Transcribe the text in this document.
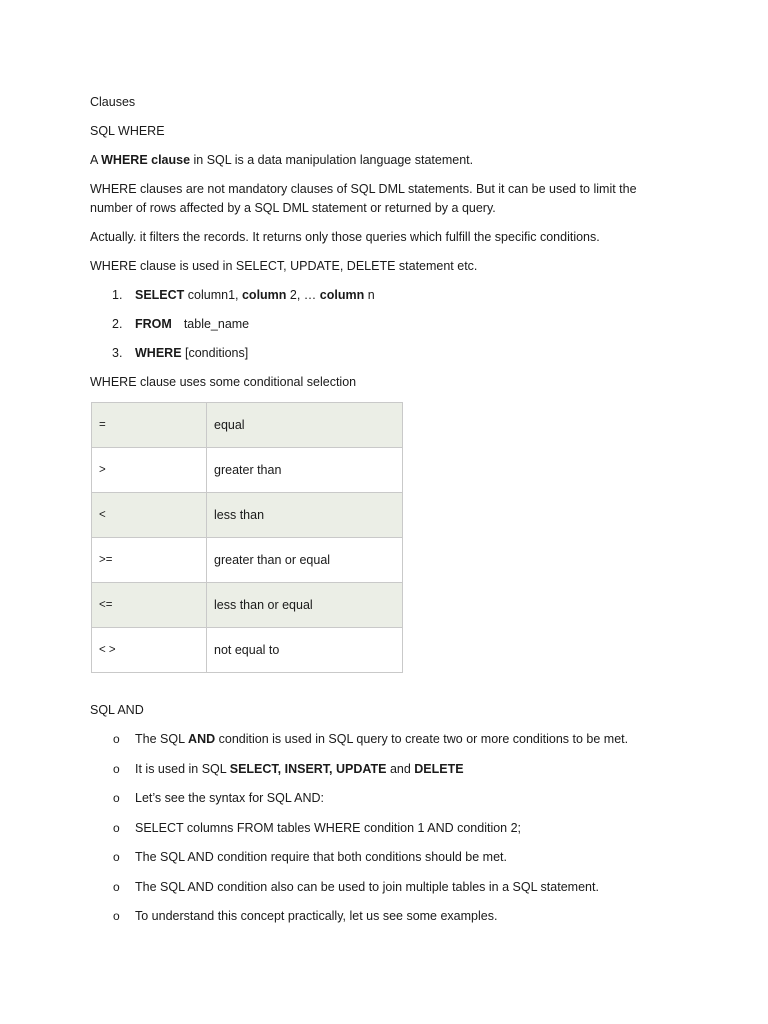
Clauses

SQL WHERE

A WHERE clause in SQL is a data manipulation language statement.

WHERE clauses are not mandatory clauses of SQL DML statements. But it can be used to limit the number of rows affected by a SQL DML statement or returned by a query.

Actually. it filters the records. It returns only those queries which fulfill the specific conditions.

WHERE clause is used in SELECT, UPDATE, DELETE statement etc.

1. SELECT column1, column 2, … column n
2. FROM table_name
3. WHERE [conditions]

WHERE clause uses some conditional selection

=	equal
>	greater than
<	less than
>=	greater than or equal
<=	less than or equal
< >	not equal to

SQL AND

o The SQL AND condition is used in SQL query to create two or more conditions to be met.
o It is used in SQL SELECT, INSERT, UPDATE and DELETE
o Let’s see the syntax for SQL AND:
o SELECT columns FROM tables WHERE condition 1 AND condition 2;
o The SQL AND condition require that both conditions should be met.
o The SQL AND condition also can be used to join multiple tables in a SQL statement.
o To understand this concept practically, let us see some examples.
